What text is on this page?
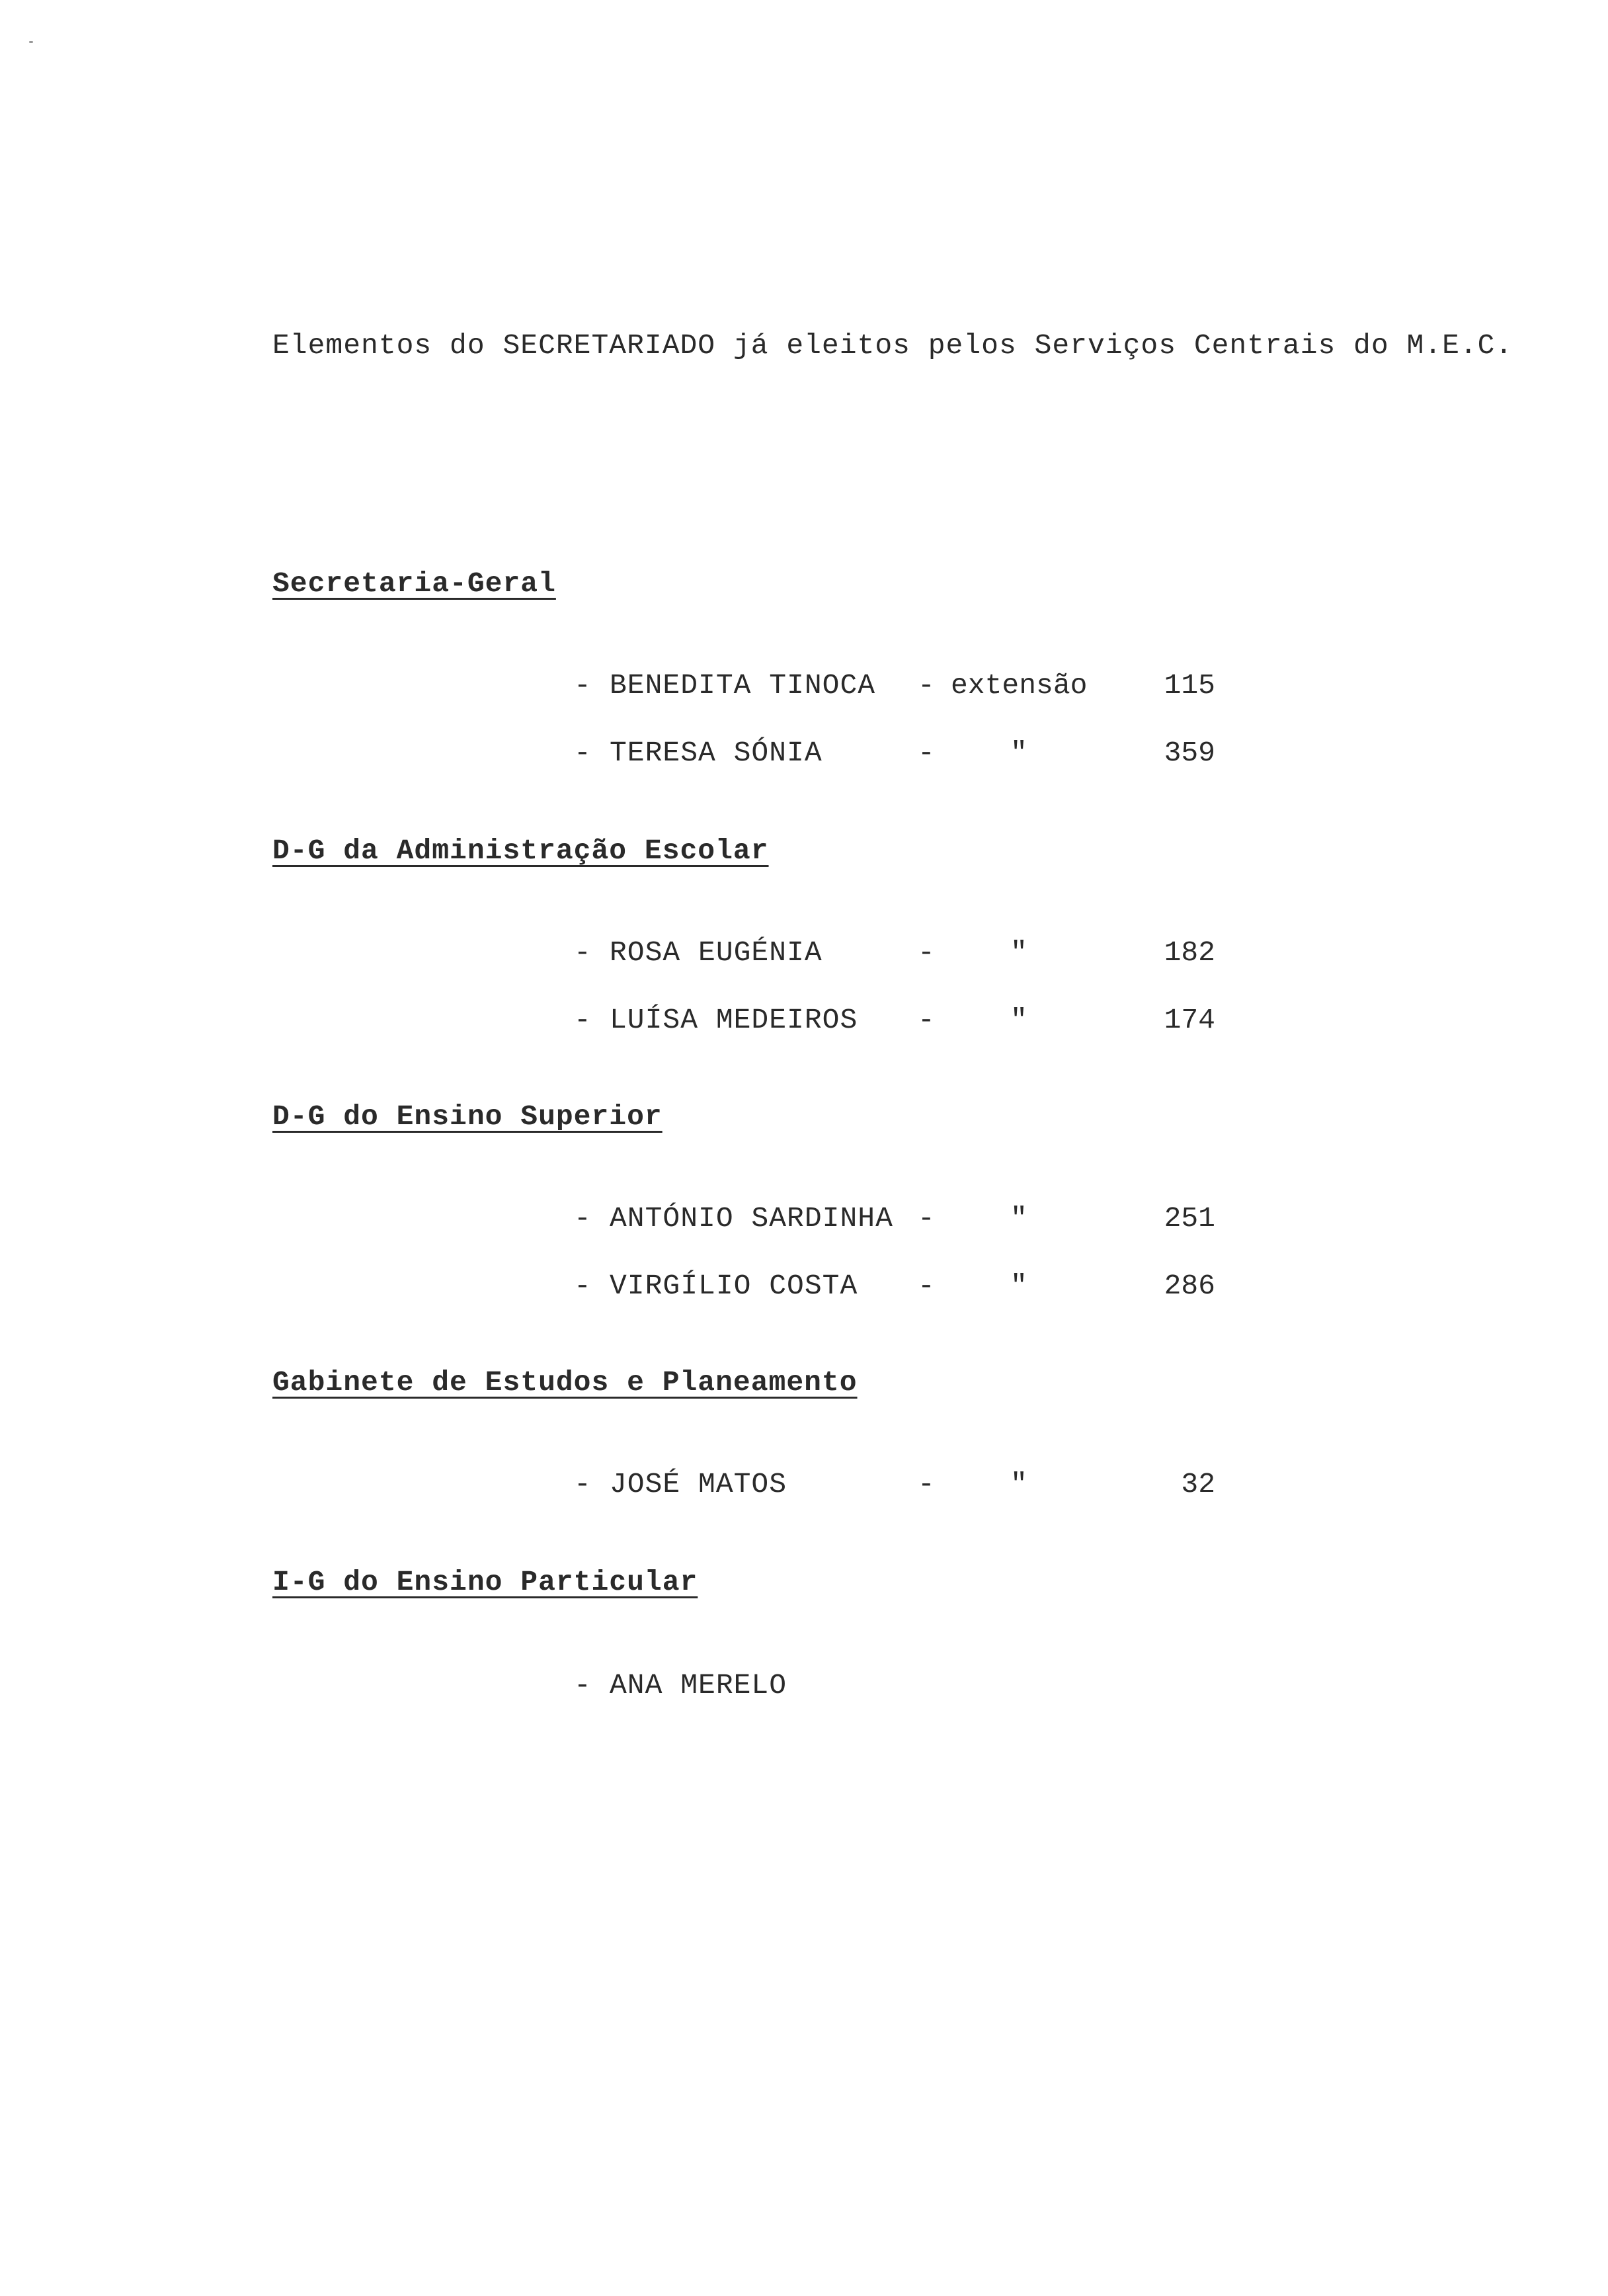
Elementos do SECRETARIADO já eleitos pelos Serviços Centrais do M.E.C.
Secretaria-Geral
- BENEDITA TINOCA - extensão	115
- TERESA SÓNIA	-	"	359
D-G da Administração Escolar
- ROSA EUGÉNIA	-	"	182
- LUÍSA MEDEIROS -	"	174
D-G do Ensino Superior
- ANTÓNIO SARDINHA -	"	251
- VIRGÍLIO COSTA -	"	286
Gabinete de Estudos e Planeamento
- JOSÉ MATOS	-	"	32
I-G do Ensino Particular
- ANA MERELO
